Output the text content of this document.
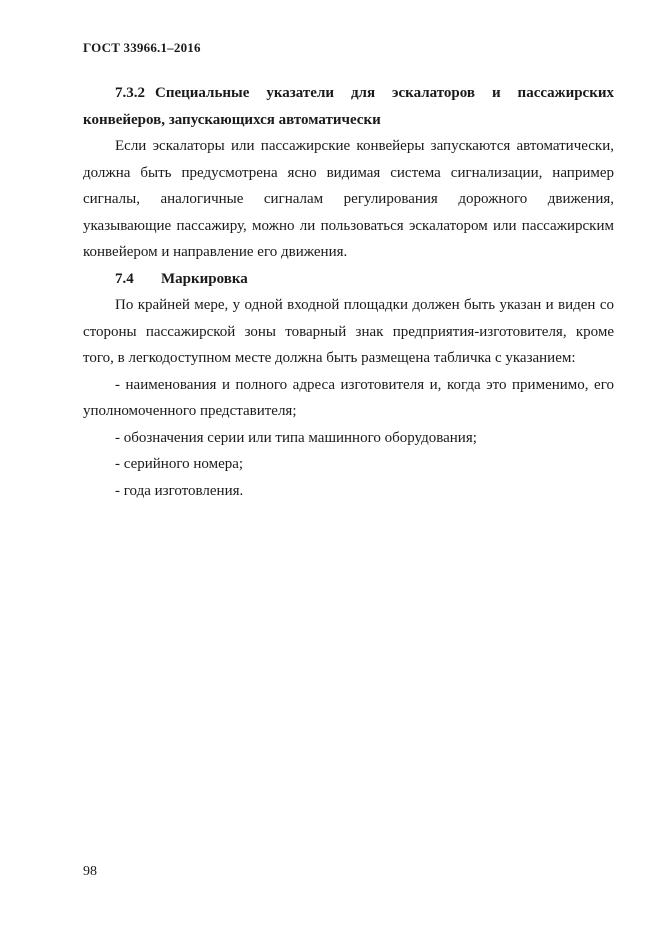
ГОСТ 33966.1–2016

7.3.2 Специальные указатели для эскалаторов и пассажирских конвейеров, запускающихся автоматически

Если эскалаторы или пассажирские конвейеры запускаются автоматически, должна быть предусмотрена ясно видимая система сигнализации, например сигналы, аналогичные сигналам регулирования дорожного движения, указывающие пассажиру, можно ли пользоваться эскалатором или пассажирским конвейером и направление его движения.

7.4 Маркировка

По крайней мере, у одной входной площадки должен быть указан и виден со стороны пассажирской зоны товарный знак предприятия-изготовителя, кроме того, в легкодоступном месте должна быть размещена табличка с указанием:

- наименования и полного адреса изготовителя и, когда это применимо, его уполномоченного представителя;

- обозначения серии или типа машинного оборудования;

- серийного номера;

- года изготовления.

98
